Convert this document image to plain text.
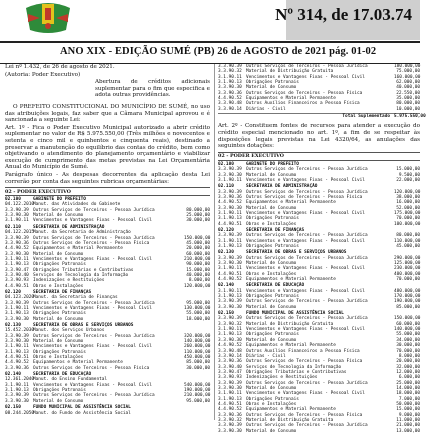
Nº 314, de 17.03.74
ANO XIX - EDIÇÃO SUMÉ (PB) 26 de AGOSTO de 2021 pág. 01-02

Lei nº 1.432, de 26 de agosto de 2021.

(Autoria: Poder Executivo)

Abertura de créditos adicionais suplementar para o fim que especifica e adota outras providências.

O PREFEITO CONSTITUCIONAL DO MUNICÍPIO DE SUMÉ, no uso das atribuições legais, faz saber que a Câmara Municipal aprovou e é sancionada a seguinte Lei:

Art. 1º - Fica o Poder Executivo Municipal autorizado a abrir crédito suplementar no valor de R$ 5.975.550,00 (Três milhões e novecentos e setenta e cinco mil e quinhentos e cinquenta reais), destinado a preservar a manutenção do equilíbrio das contas do crédito, bem como objetivando o atendimento do planejamento orçamentário e viabilizar execução de cumprimento das metas previstas na Lei Orçamentária Anual do Município de Sumé.

Parágrafo único - As despesas decorrentes da aplicação desta Lei correrão por conta das seguintes rubricas orçamentárias:

02 - PODER EXECUTIVO
02.100	GABINETE DO PREFEITO
04.122.2010
Manut. das Atividades do Gabinete
3.3.90.39 Outros Serviços de Terceiros - Pessoa Jurídica	80.000,00
3.3.90.30 Material de Consumo	25.000,00
3.1.90.11 Vencimentos e Vantagens Fixas - Pessoal Civil	30.000,00
02.110	SECRETARIA DE ADMINISTRAÇÃO
04.122.2015
Manut. da Secretaria de Administração
3.3.90.39 Outros Serviços de Terceiros - Pessoa Jurídica	150.000,00
3.3.90.36 Outros Serviços de Terceiros - Pessoa Física	45.000,00
4.4.90.52 Equipamentos e Material Permanente	20.000,00
3.3.90.30 Material de Consumo	60.000,00
3.1.90.11 Vencimentos e Vantagens Fixas - Pessoal Civil	210.000,00
3.1.90.13 Obrigações Patronais	90.000,00
3.3.90.47 Obrigações Tributárias e Contributivas	15.000,00
3.3.90.40 Serviços de Tecnologia da Informação	40.000,00
3.3.90.93 Indenizações e Restituições	8.000,00
4.4.90.51 Obras e Instalações	120.000,00
02.120	SECRETARIA DE FINANÇAS
04.123.2020
Manut. da Secretaria de Finanças
3.3.90.39 Outros Serviços de Terceiros - Pessoa Jurídica	95.000,00
3.1.90.11 Vencimentos e Vantagens Fixas - Pessoal Civil	130.000,00
3.1.90.13 Obrigações Patronais	55.000,00
3.3.90.30 Material de Consumo	18.000,00
02.130	SECRETARIA DE OBRAS E SERVIÇOS URBANOS
15.452.2030
Manut. dos Serviços Urbanos
3.3.90.39 Outros Serviços de Terceiros - Pessoa Jurídica	320.000,00
3.3.90.30 Material de Consumo	140.000,00
3.1.90.11 Vencimentos e Vantagens Fixas - Pessoal Civil	260.000,00
3.1.90.13 Obrigações Patronais	110.000,00
4.4.90.51 Obras e Instalações	450.000,00
4.4.90.52 Equipamentos e Material Permanente	85.000,00
3.3.90.36 Outros Serviços de Terceiros - Pessoa Física	30.000,00
02.140	SECRETARIA DE EDUCAÇÃO
12.361.2040
Manut. do Ensino Fundamental
3.1.90.11 Vencimentos e Vantagens Fixas - Pessoal Civil	540.000,00
3.1.90.13 Obrigações Patronais	190.000,00
3.3.90.39 Outros Serviços de Terceiros - Pessoa Jurídica	210.000,00
3.3.90.30 Material de Consumo	95.000,00
02.150	FUNDO MUNICIPAL DE ASSISTÊNCIA SOCIAL
08.244.2050
Manut. do Fundo de Assistência Social
3.3.90.39 Outros Serviços de Terceiros - Pessoa Jurídica	180.000,00
3.3.90.32 Material de Distribuição Gratuita	75.000,00
3.1.90.11 Vencimentos e Vantagens Fixas - Pessoal Civil	160.000,00
3.1.90.13 Obrigações Patronais	62.000,00
3.3.90.30 Material de Consumo	40.000,00
3.3.90.36 Outros Serviços de Terceiros - Pessoa Física	22.550,00
4.4.90.52 Equipamentos e Material Permanente	35.000,00
3.3.90.48 Outros Auxílios Financeiros a Pessoa Física	80.000,00
3.3.90.14 Diárias - Civil	10.000,00
Total Suplementado 5.975.550,00

Art. 2º - Constituem fontes de recursos para atender a execução do crédito especial mencionado no art. 1º, a fim de se respeitar às disposições legais previstas na Lei 4320/64, as anulações das seguintes dotações:

02 - PODER EXECUTIVO
02.100	GABINETE DO PREFEITO
3.3.90.39 Outros Serviços de Terceiros - Pessoa Jurídica	15.000,00
3.3.90.30 Material de Consumo	9.500,00
3.1.90.11 Vencimentos e Vantagens Fixas - Pessoal Civil	22.000,00
02.110	SECRETARIA DE ADMINISTRAÇÃO
3.3.90.39 Outros Serviços de Terceiros - Pessoa Jurídica	120.000,00
3.3.90.36 Outros Serviços de Terceiros - Pessoa Física	38.000,00
4.4.90.52 Equipamentos e Material Permanente	16.000,00
3.3.90.30 Material de Consumo	52.000,00
3.1.90.11 Vencimentos e Vantagens Fixas - Pessoal Civil	175.000,00
3.1.90.13 Obrigações Patronais	70.000,00
4.4.90.51 Obras e Instalações	100.000,00
02.120	SECRETARIA DE FINANÇAS
3.3.90.39 Outros Serviços de Terceiros - Pessoa Jurídica	80.000,00
3.1.90.11 Vencimentos e Vantagens Fixas - Pessoal Civil	110.000,00
3.1.90.13 Obrigações Patronais	45.000,00
02.130	SECRETARIA DE OBRAS E SERVIÇOS URBANOS
3.3.90.39 Outros Serviços de Terceiros - Pessoa Jurídica	290.000,00
3.3.90.30 Material de Consumo	125.000,00
3.1.90.11 Vencimentos e Vantagens Fixas - Pessoal Civil	230.000,00
4.4.90.51 Obras e Instalações	400.000,00
4.4.90.52 Equipamentos e Material Permanente	70.000,00
02.140	SECRETARIA DE EDUCAÇÃO
3.1.90.11 Vencimentos e Vantagens Fixas - Pessoal Civil	480.000,00
3.1.90.13 Obrigações Patronais	170.000,00
3.3.90.39 Outros Serviços de Terceiros - Pessoa Jurídica	190.000,00
3.3.90.30 Material de Consumo	85.000,00
02.150	FUNDO MUNICIPAL DE ASSISTÊNCIA SOCIAL
3.3.90.39 Outros Serviços de Terceiros - Pessoa Jurídica	150.000,00
3.3.90.32 Material de Distribuição Gratuita	60.000,00
3.1.90.11 Vencimentos e Vantagens Fixas - Pessoal Civil	140.000,00
3.1.90.13 Obrigações Patronais	55.000,00
3.3.90.30 Material de Consumo	34.000,00
4.4.90.52 Equipamentos e Material Permanente	30.000,00
3.3.90.48 Outros Auxílios Financeiros a Pessoa Física	70.000,00
3.3.90.14 Diárias - Civil	8.000,00
3.3.90.36 Outros Serviços de Terceiros - Pessoa Física	20.000,00
3.3.90.40 Serviços de Tecnologia da Informação	32.000,00
3.3.90.47 Obrigações Tributárias e Contributivas	12.000,00
3.3.90.93 Indenizações e Restituições	6.000,00
3.3.90.39 Outros Serviços de Terceiros - Pessoa Jurídica	25.000,00
3.3.90.30 Material de Consumo	14.000,00
3.1.90.11 Vencimentos e Vantagens Fixas - Pessoal Civil	18.000,00
3.1.90.13 Obrigações Patronais	7.000,00
4.4.90.51 Obras e Instalações	50.000,00
4.4.90.52 Equipamentos e Material Permanente	15.000,00
3.3.90.36 Outros Serviços de Terceiros - Pessoa Física	9.000,00
3.3.90.32 Material de Distribuição Gratuita	11.000,00
3.3.90.39 Outros Serviços de Terceiros - Pessoa Jurídica	21.000,00
3.3.90.30 Material de Consumo	13.000,00
